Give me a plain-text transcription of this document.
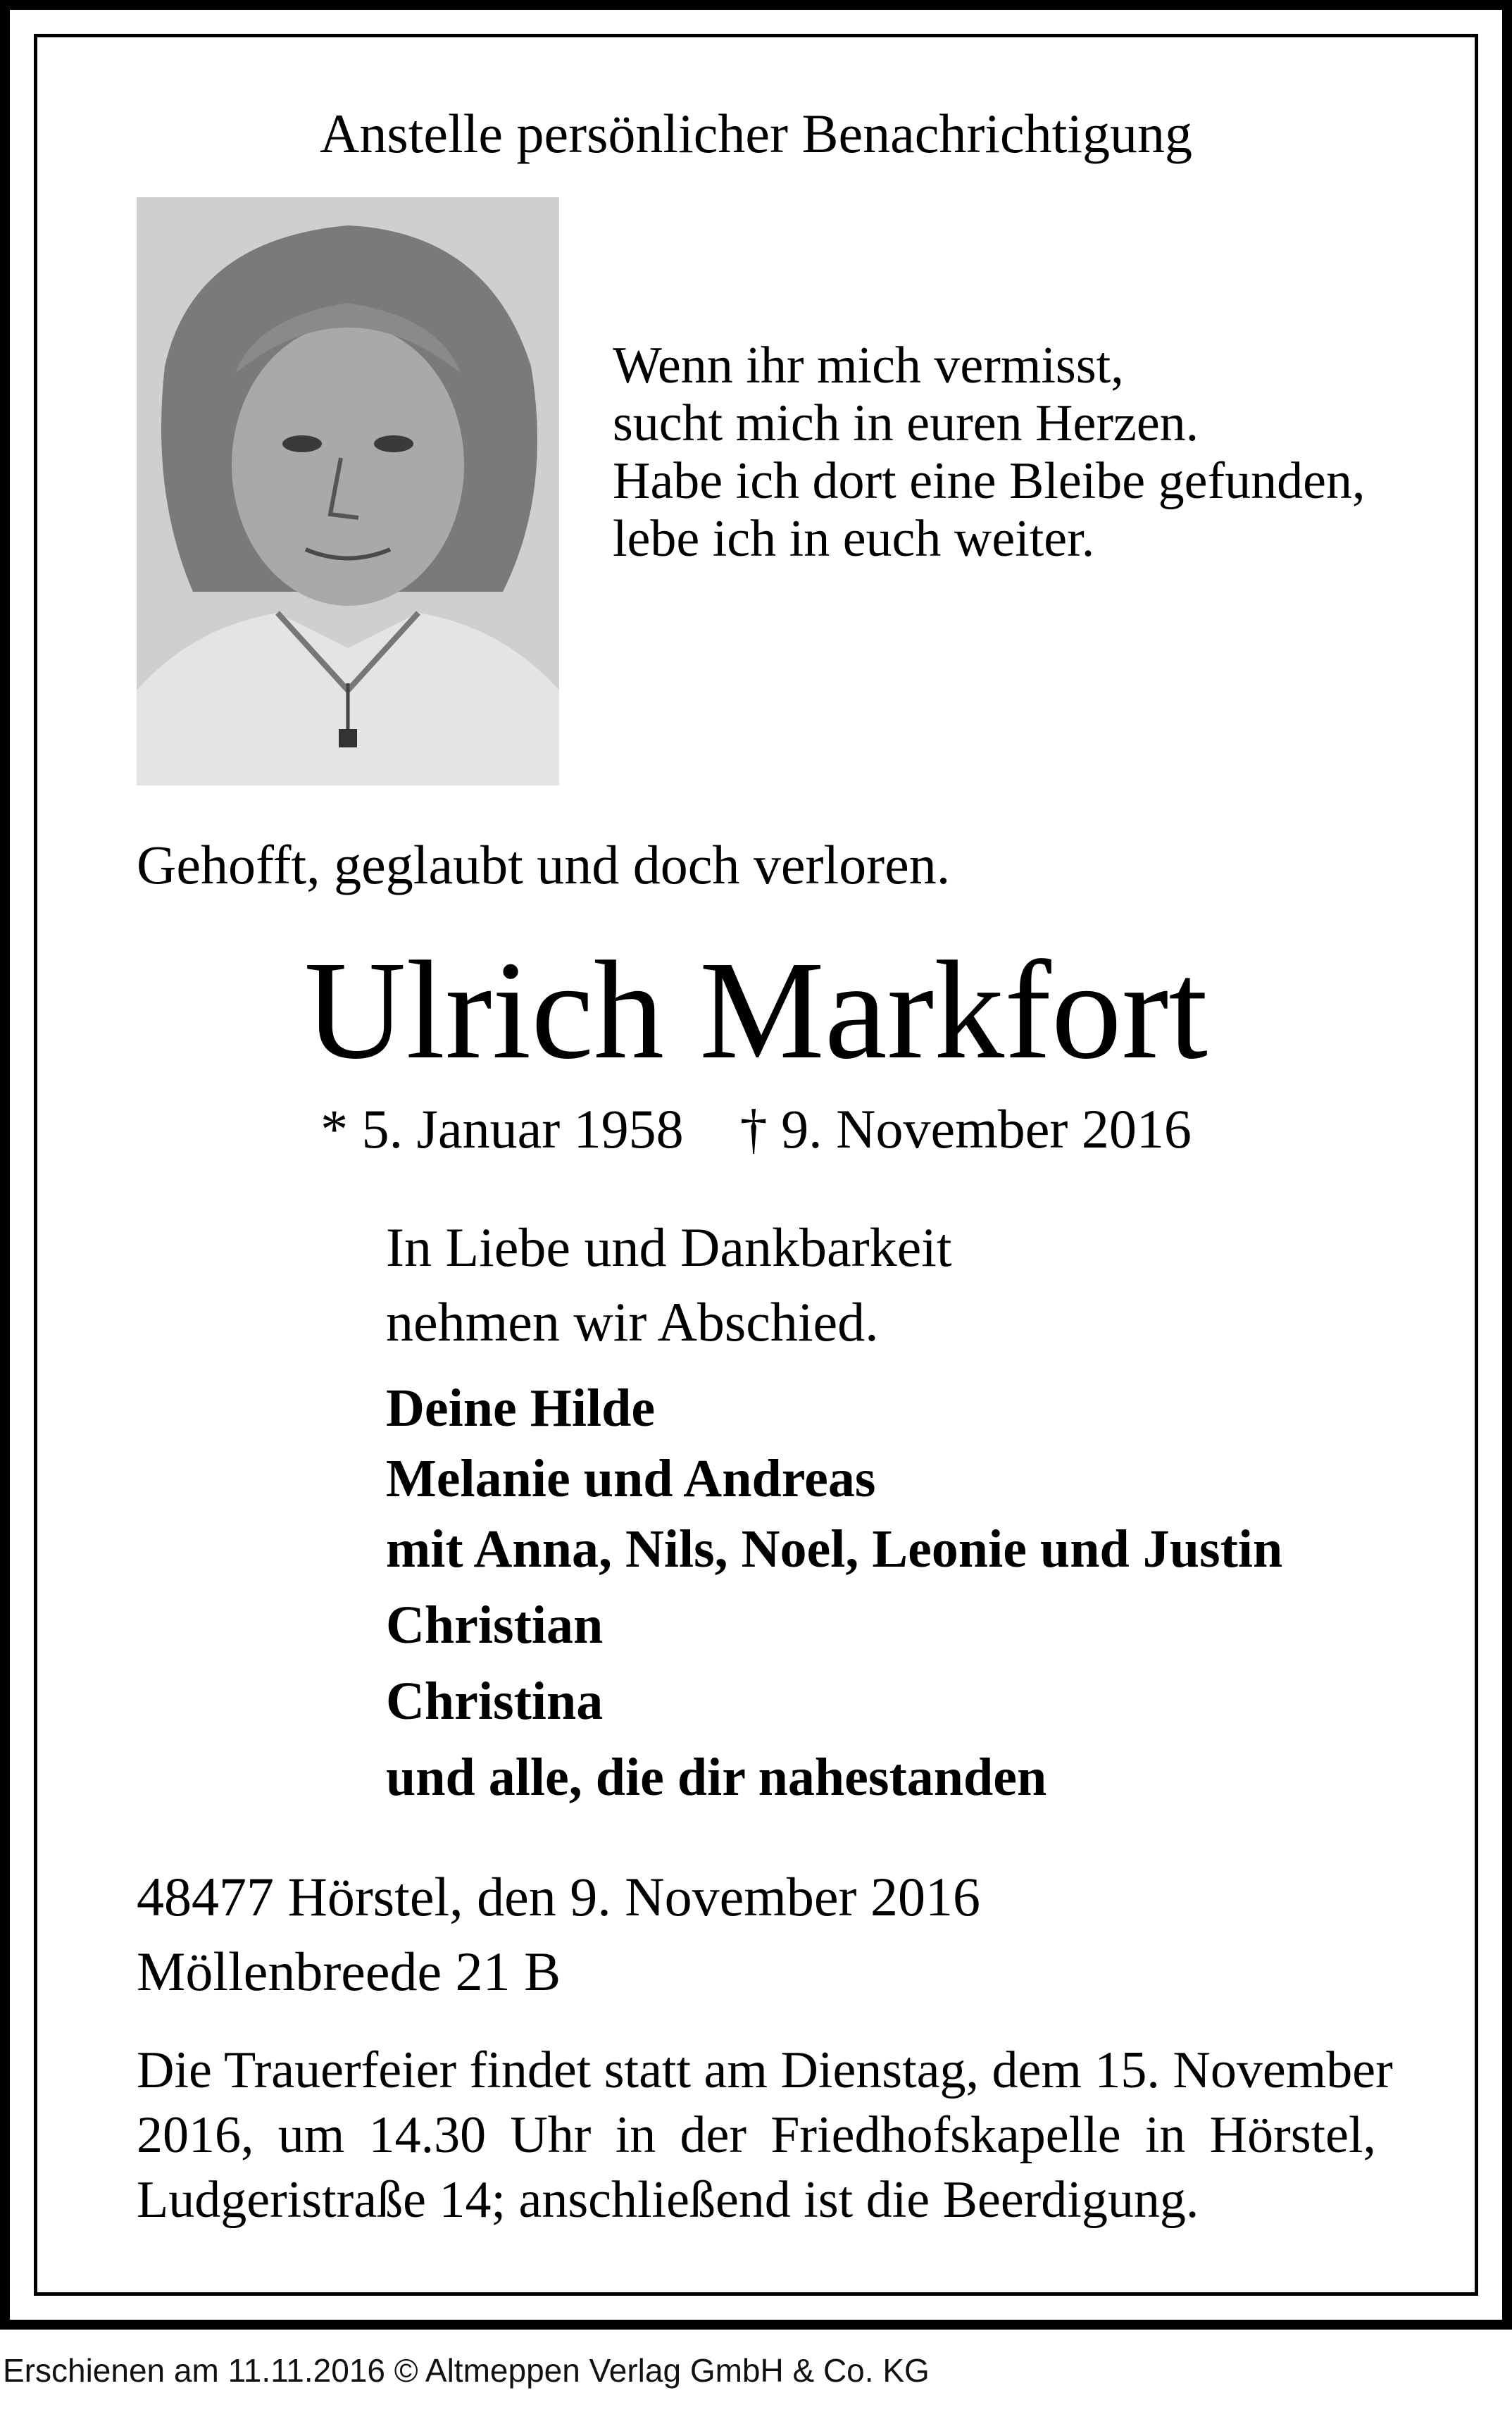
Anstelle persönlicher Benachrichtigung

Wenn ihr mich vermisst,
sucht mich in euren Herzen.
Habe ich dort eine Bleibe gefunden,
lebe ich in euch weiter.

Gehofft, geglaubt und doch verloren.

Ulrich Markfort

* 5. Januar 1958 † 9. November 2016

In Liebe und Dankbarkeit
nehmen wir Abschied.
Deine Hilde
Melanie und Andreas
mit Anna, Nils, Noel, Leonie und Justin
Christian
Christina
und alle, die dir nahestanden
48477 Hörstel, den 9. November 2016
Möllenbreede 21 B
Die Trauerfeier findet statt am Dienstag, dem 15. November
2016, um 14.30 Uhr in der Friedhofskapelle in Hörstel,
Ludgeristraße 14; anschließend ist die Beerdigung.
Erschienen am 11.11.2016 © Altmeppen Verlag GmbH & Co. KG
